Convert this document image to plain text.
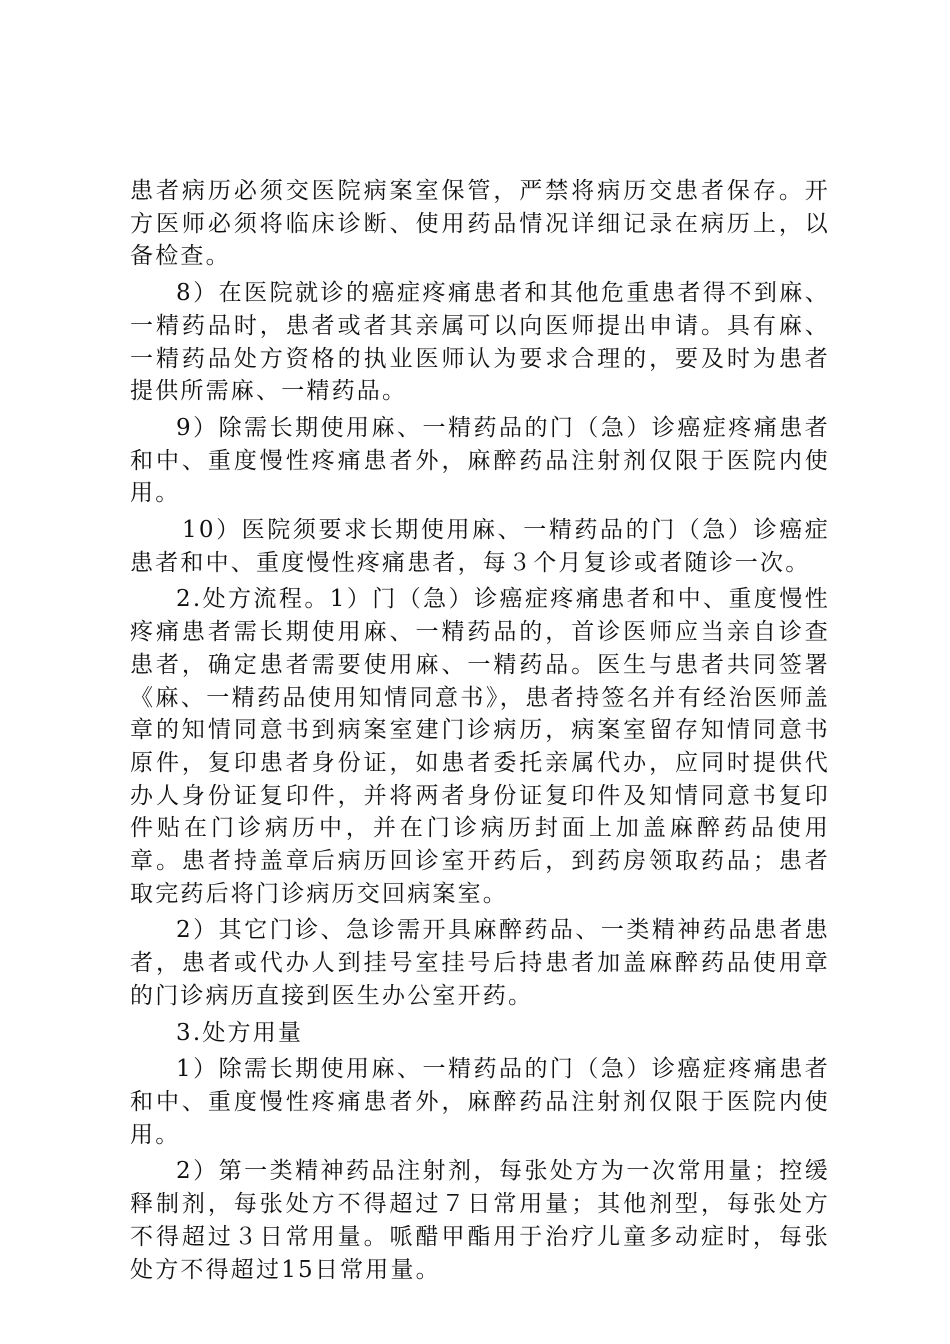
患者病历必须交医院病案室保管，严禁将病历交患者保存。开方医师必须将临床诊断、使用药品情况详细记录在病历上，以备检查。

8）在医院就诊的癌症疼痛患者和其他危重患者得不到麻、一精药品时，患者或者其亲属可以向医师提出申请。具有麻、一精药品处方资格的执业医师认为要求合理的，要及时为患者提供所需麻、一精药品。

9）除需长期使用麻、一精药品的门（急）诊癌症疼痛患者和中、重度慢性疼痛患者外，麻醉药品注射剂仅限于医院内使用。

10）医院须要求长期使用麻、一精药品的门（急）诊癌症患者和中、重度慢性疼痛患者，每３个月复诊或者随诊一次。

2.处方流程。1）门（急）诊癌症疼痛患者和中、重度慢性疼痛患者需长期使用麻、一精药品的，首诊医师应当亲自诊查患者，确定患者需要使用麻、一精药品。医生与患者共同签署《麻、一精药品使用知情同意书》，患者持签名并有经治医师盖章的知情同意书到病案室建门诊病历，病案室留存知情同意书原件，复印患者身份证，如患者委托亲属代办，应同时提供代办人身份证复印件，并将两者身份证复印件及知情同意书复印件贴在门诊病历中，并在门诊病历封面上加盖麻醉药品使用章。患者持盖章后病历回诊室开药后，到药房领取药品；患者取完药后将门诊病历交回病案室。

2）其它门诊、急诊需开具麻醉药品、一类精神药品患者患者，患者或代办人到挂号室挂号后持患者加盖麻醉药品使用章的门诊病历直接到医生办公室开药。

3.处方用量

1）除需长期使用麻、一精药品的门（急）诊癌症疼痛患者和中、重度慢性疼痛患者外，麻醉药品注射剂仅限于医院内使用。

2）第一类精神药品注射剂，每张处方为一次常用量；控缓释制剂，每张处方不得超过７日常用量；其他剂型，每张处方不得超过３日常用量。哌醋甲酯用于治疗儿童多动症时，每张处方不得超过15日常用量。
